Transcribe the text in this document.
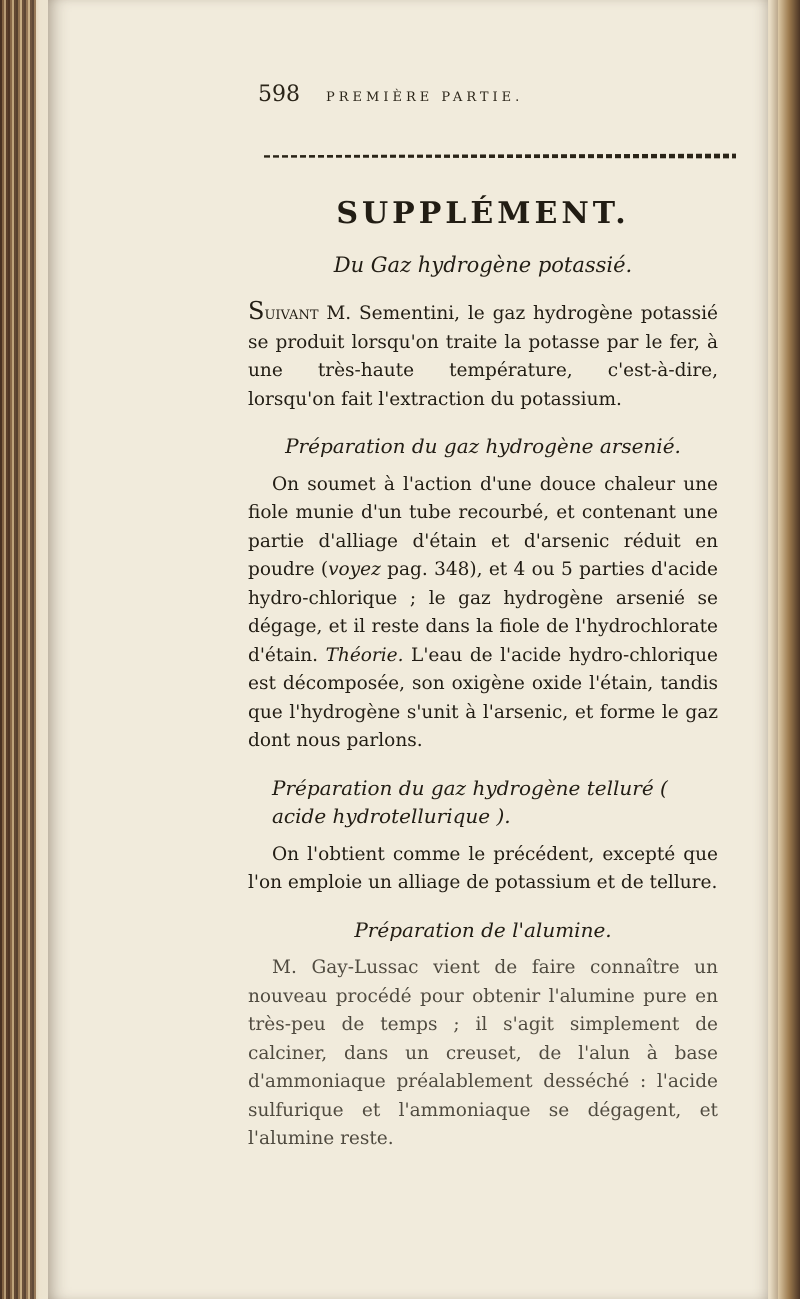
598 PREMIÈRE PARTIE.
SUPPLÉMENT.
Du Gaz hydrogène potassié.

Suivant M. Sementini, le gaz hydrogène potassié se produit lorsqu'on traite la potasse par le fer, à une très-haute température, c'est-à-dire, lorsqu'on fait l'extraction du potassium.

Préparation du gaz hydrogène arsenié.

On soumet à l'action d'une douce chaleur une fiole munie d'un tube recourbé, et contenant une partie d'alliage d'étain et d'arsenic réduit en poudre (voyez pag. 348), et 4 ou 5 parties d'acide hydro-chlorique ; le gaz hydrogène arsenié se dégage, et il reste dans la fiole de l'hydrochlorate d'étain. Théorie. L'eau de l'acide hydro-chlorique est décomposée, son oxigène oxide l'étain, tandis que l'hydrogène s'unit à l'arsenic, et forme le gaz dont nous parlons.

Préparation du gaz hydrogène telluré ( acide hydrotellurique ).

On l'obtient comme le précédent, excepté que l'on emploie un alliage de potassium et de tellure.

Préparation de l'alumine.

M. Gay-Lussac vient de faire connaître un nouveau procédé pour obtenir l'alumine pure en très-peu de temps ; il s'agit simplement de calciner, dans un creuset, de l'alun à base d'ammoniaque préalablement desséché : l'acide sulfurique et l'ammoniaque se dégagent, et l'alumine reste.
